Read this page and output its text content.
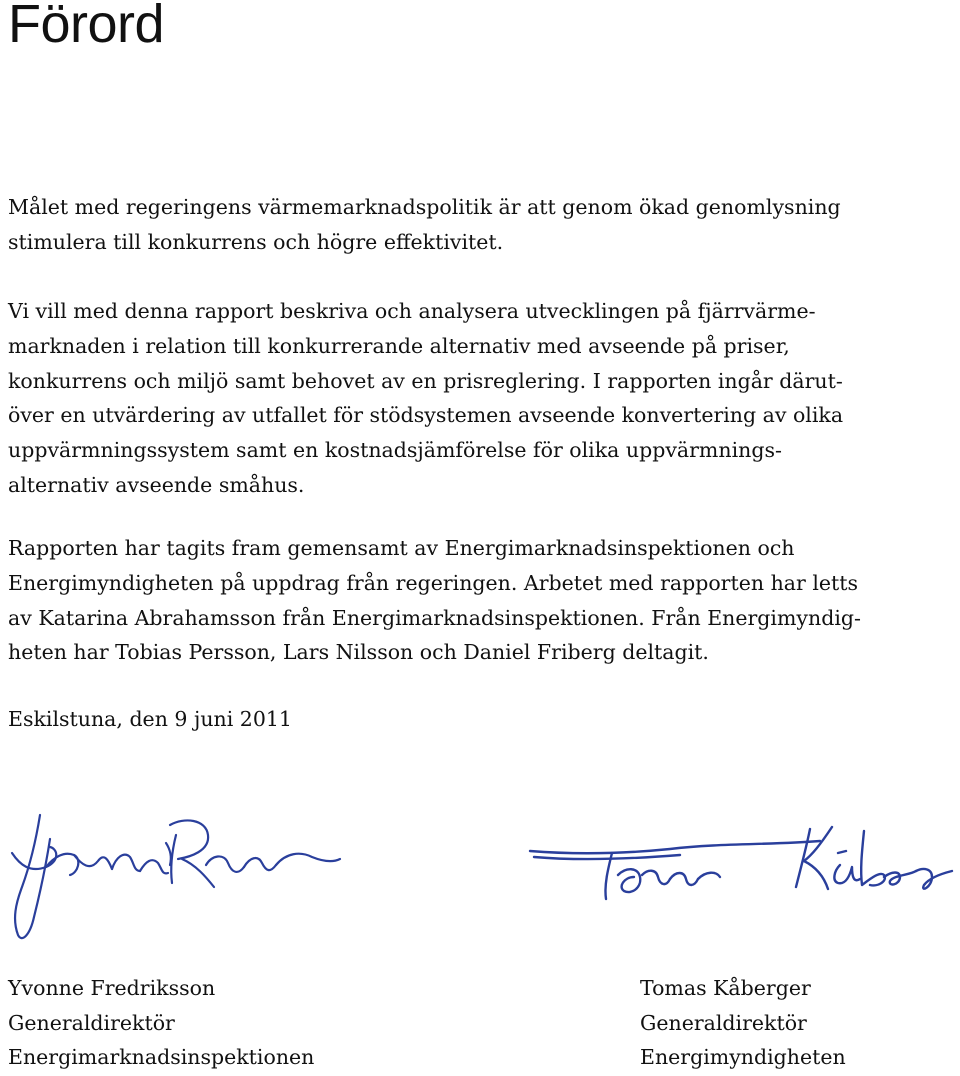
Förord

Målet med regeringens värmemarknadspolitik är att genom ökad genomlysning
stimulera till konkurrens och högre effektivitet.

Vi vill med denna rapport beskriva och analysera utvecklingen på fjärrvärme-
marknaden i relation till konkurrerande alternativ med avseende på priser,
konkurrens och miljö samt behovet av en prisreglering. I rapporten ingår därut-
över en utvärdering av utfallet för stödsystemen avseende konvertering av olika
uppvärmningssystem samt en kostnadsjämförelse för olika uppvärmnings-
alternativ avseende småhus.

Rapporten har tagits fram gemensamt av Energimarknadsinspektionen och
Energimyndigheten på uppdrag från regeringen. Arbetet med rapporten har letts
av Katarina Abrahamsson från Energimarknadsinspektionen. Från Energimyndig-
heten har Tobias Persson, Lars Nilsson och Daniel Friberg deltagit.

Eskilstuna, den 9 juni 2011

Yvonne Fredriksson
Generaldirektör
Energimarknadsinspektionen
Tomas Kåberger
Generaldirektör
Energimyndigheten
